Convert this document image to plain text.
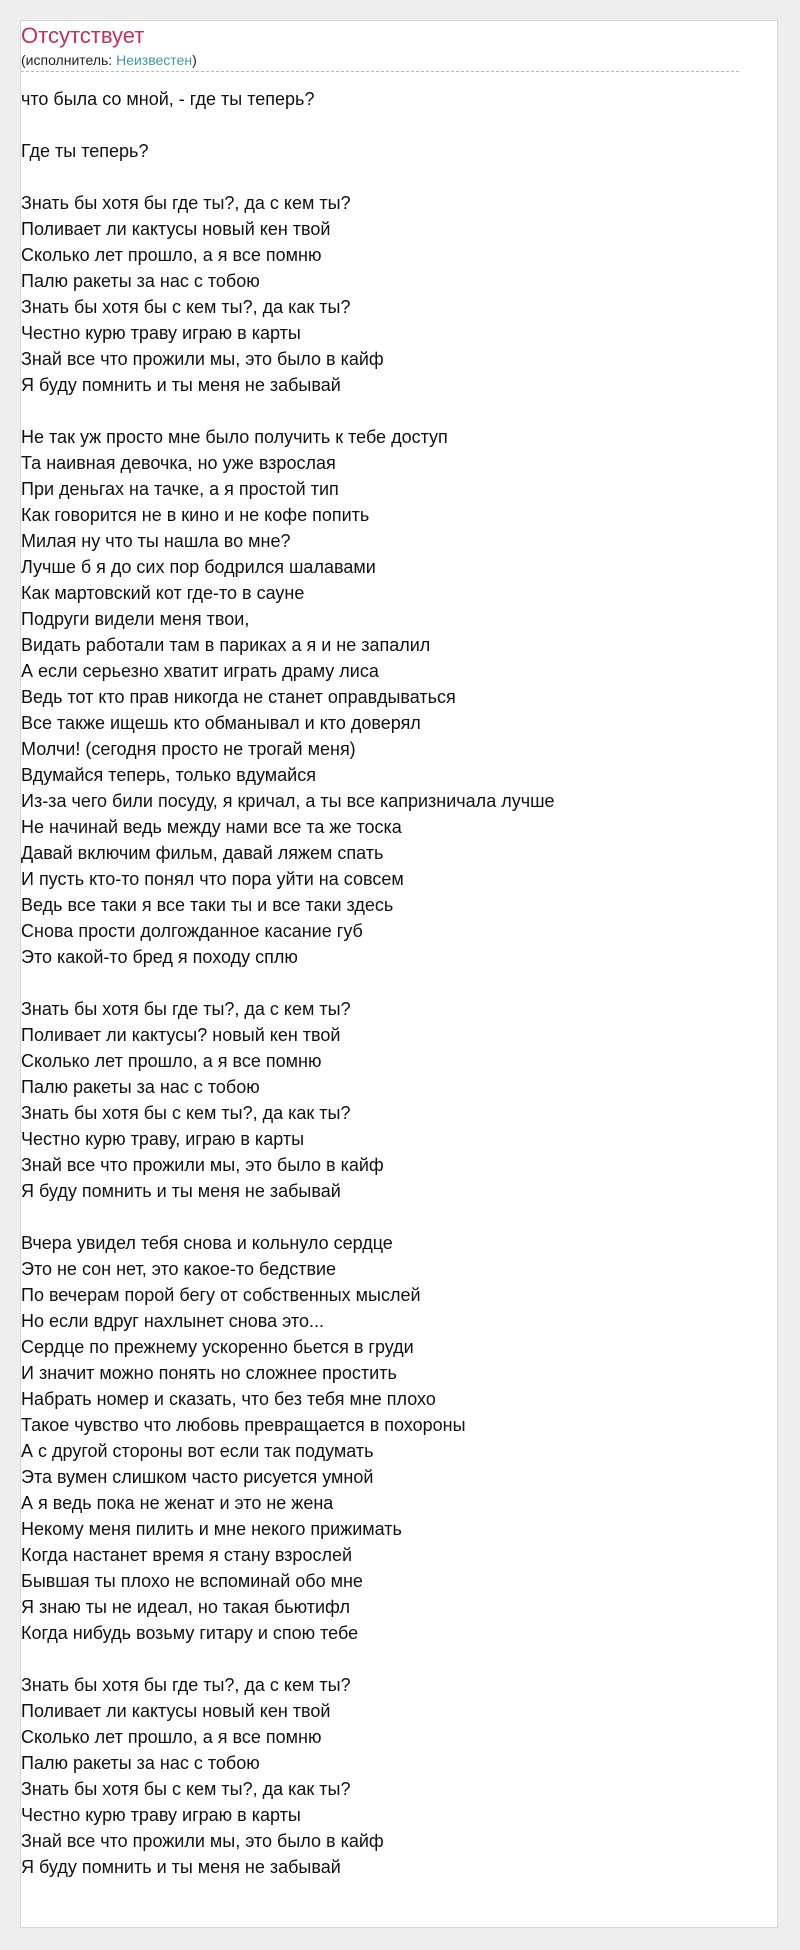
Отсутствует
(исполнитель: Неизвестен)
что была со мной, - где ты теперь?
Где ты теперь?
Знать бы хотя бы где ты?, да с кем ты?
Поливает ли кактусы новый кен твой
Сколько лет прошло, а я все помню
Палю ракеты за нас с тобою
Знать бы хотя бы с кем ты?, да как ты?
Честно курю траву играю в карты
Знай все что прожили мы, это было в кайф
Я буду помнить и ты меня не забывай
Не так уж просто мне было получить к тебе доступ
Та наивная девочка, но уже взрослая
При деньгах на тачке, а я простой тип
Как говорится не в кино и не кофе попить
Милая ну что ты нашла во мне?
Лучше б я до сих пор бодрился шалавами
Как мартовский кот где-то в сауне
Подруги видели меня твои,
Видать работали там в париках а я и не запалил
А если серьезно хватит играть драму лиса
Ведь тот кто прав никогда не станет оправдываться
Все также ищешь кто обманывал и кто доверял
Молчи! (сегодня просто не трогай меня)
Вдумайся теперь, только вдумайся
Из-за чего били посуду, я кричал, а ты все капризничала лучше
Не начинай ведь между нами все та же тоска
Давай включим фильм, давай ляжем спать
И пусть кто-то понял что пора уйти на совсем
Ведь все таки я все таки ты и все таки здесь
Снова прости долгожданное касание губ
Это какой-то бред я походу сплю
Знать бы хотя бы где ты?, да с кем ты?
Поливает ли кактусы? новый кен твой
Сколько лет прошло, а я все помню
Палю ракеты за нас с тобою
Знать бы хотя бы с кем ты?, да как ты?
Честно курю траву, играю в карты
Знай все что прожили мы, это было в кайф
Я буду помнить и ты меня не забывай
Вчера увидел тебя снова и кольнуло сердце
Это не сон нет, это какое-то бедствие
По вечерам порой бегу от собственных мыслей
Но если вдруг нахлынет снова это...
Сердце по прежнему ускоренно бьется в груди
И значит можно понять но сложнее простить
Набрать номер и сказать, что без тебя мне плохо
Такое чувство что любовь превращается в похороны
А с другой стороны вот если так подумать
Эта вумен слишком часто рисуется умной
А я ведь пока не женат и это не жена
Некому меня пилить и мне некого прижимать
Когда настанет время я стану взрослей
Бывшая ты плохо не вспоминай обо мне
Я знаю ты не идеал, но такая бьютифл
Когда нибудь возьму гитару и спою тебе
Знать бы хотя бы где ты?, да с кем ты?
Поливает ли кактусы новый кен твой
Сколько лет прошло, а я все помню
Палю ракеты за нас с тобою
Знать бы хотя бы с кем ты?, да как ты?
Честно курю траву играю в карты
Знай все что прожили мы, это было в кайф
Я буду помнить и ты меня не забывай
